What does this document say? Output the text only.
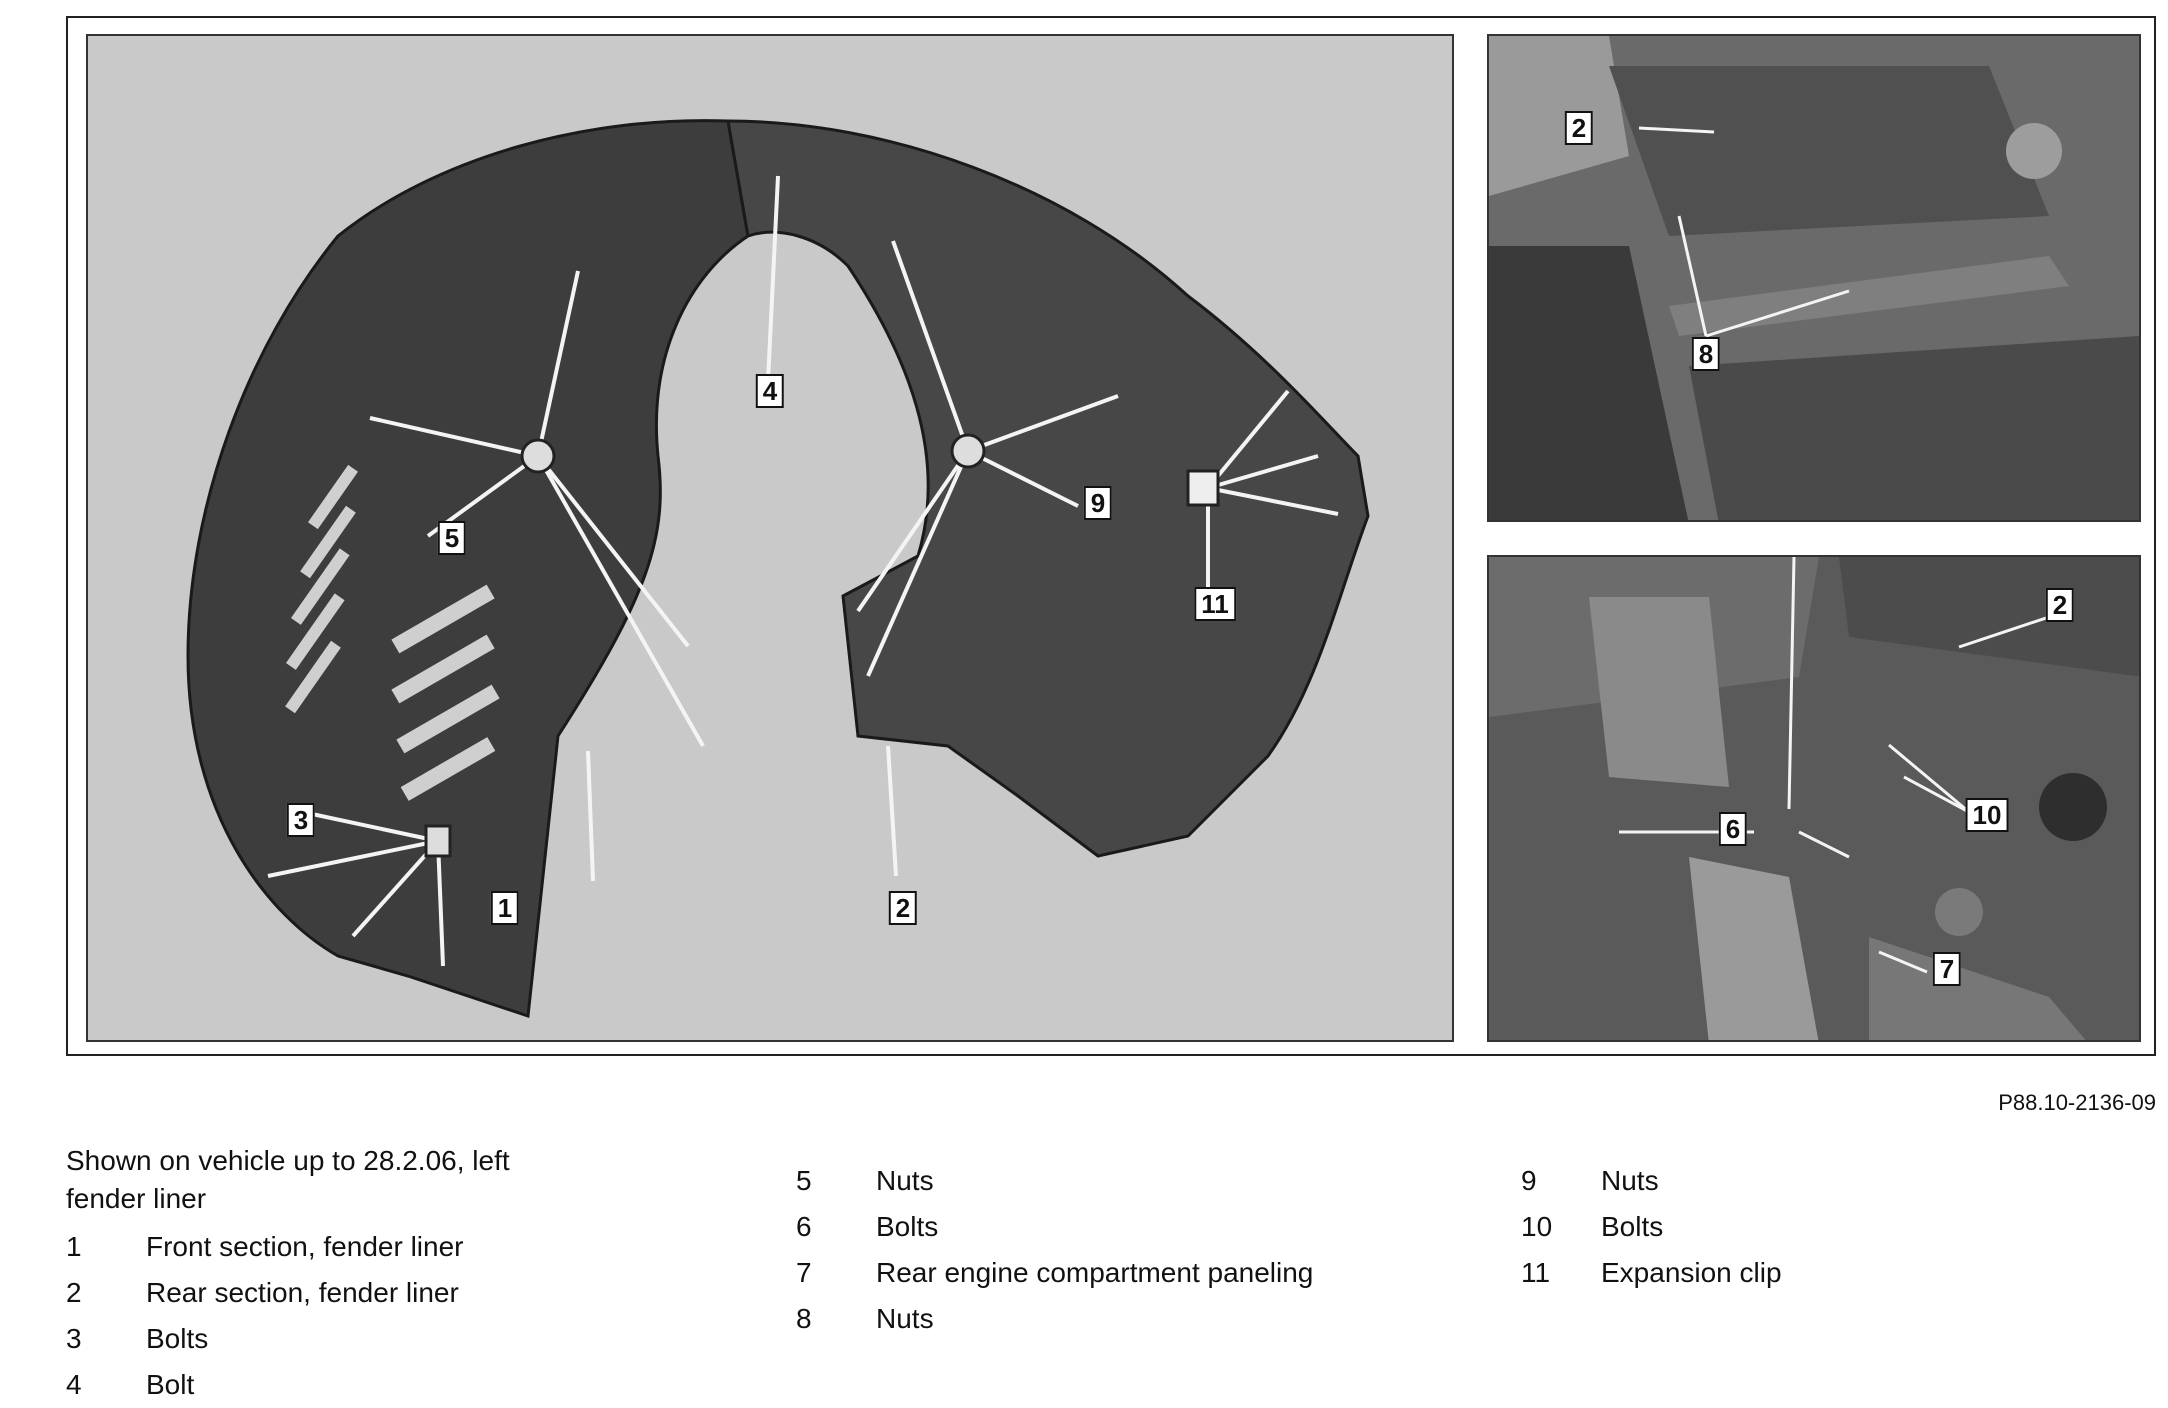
1	2
3
4
5
9
11
2
8
2
6	10
7
P88.10-2136-09
Shown on vehicle up to 28.2.06, left fender liner
1	Front section, fender liner
2	Rear section, fender liner
3	Bolts
4	Bolt
5	Nuts
6	Bolts
7	Rear engine compartment paneling
8	Nuts
9	Nuts
10	Bolts
11	Expansion clip
